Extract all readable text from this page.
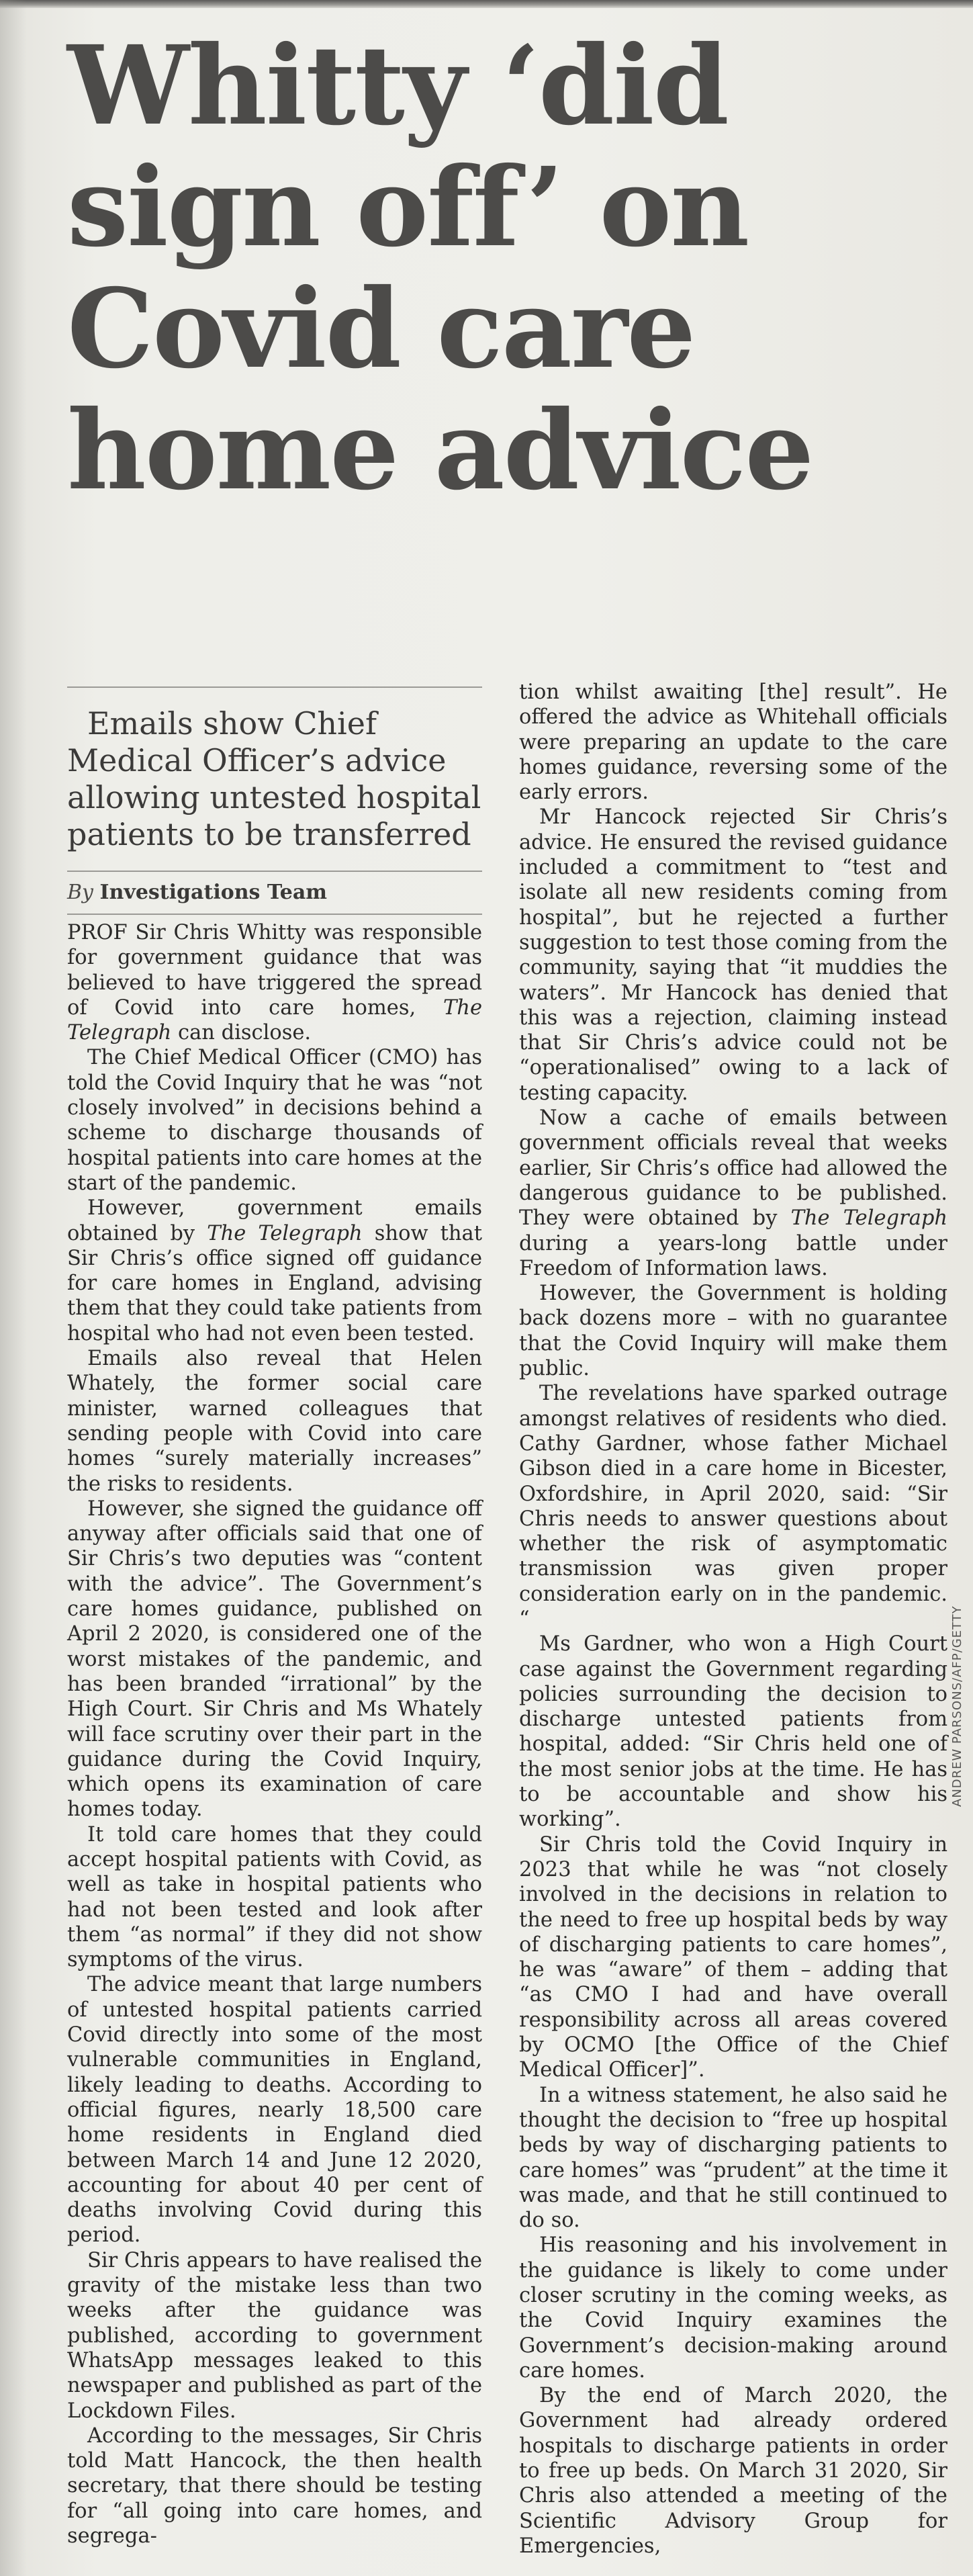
Whitty ‘did
sign off’ on
Covid care
home advice

Emails show Chief Medical Officer’s advice allowing untested hospital patients to be transferred

By Investigations Team

PROF Sir Chris Whitty was responsible for government guidance that was believed to have triggered the spread of Covid into care homes, The Telegraph can disclose.

The Chief Medical Officer (CMO) has told the Covid Inquiry that he was “not closely involved” in decisions behind a scheme to discharge thousands of hospital patients into care homes at the start of the pandemic.

However, government emails obtained by The Telegraph show that Sir Chris’s office signed off guidance for care homes in England, advising them that they could take patients from hospital who had not even been tested.

Emails also reveal that Helen Whately, the former social care minister, warned colleagues that sending people with Covid into care homes “surely materially increases” the risks to residents.

However, she signed the guidance off anyway after officials said that one of Sir Chris’s two deputies was “content with the advice”. The Government’s care homes guidance, published on April 2 2020, is considered one of the worst mistakes of the pandemic, and has been branded “irrational” by the High Court. Sir Chris and Ms Whately will face scrutiny over their part in the guidance during the Covid Inquiry, which opens its examination of care homes today.

It told care homes that they could accept hospital patients with Covid, as well as take in hospital patients who had not been tested and look after them “as normal” if they did not show symptoms of the virus.

The advice meant that large numbers of untested hospital patients carried Covid directly into some of the most vulnerable communities in England, likely leading to deaths. According to official figures, nearly 18,500 care home residents in England died between March 14 and June 12 2020, accounting for about 40 per cent of deaths involving Covid during this period.

Sir Chris appears to have realised the gravity of the mistake less than two weeks after the guidance was published, according to government WhatsApp messages leaked to this newspaper and published as part of the Lockdown Files.

According to the messages, Sir Chris told Matt Hancock, the then health secretary, that there should be testing for “all going into care homes, and segrega-

tion whilst awaiting [the] result”. He offered the advice as Whitehall officials were preparing an update to the care homes guidance, reversing some of the early errors.

Mr Hancock rejected Sir Chris’s advice. He ensured the revised guidance included a commitment to “test and isolate all new residents coming from hospital”, but he rejected a further suggestion to test those coming from the community, saying that “it muddies the waters”. Mr Hancock has denied that this was a rejection, claiming instead that Sir Chris’s advice could not be “operationalised” owing to a lack of testing capacity.

Now a cache of emails between government officials reveal that weeks earlier, Sir Chris’s office had allowed the dangerous guidance to be published. They were obtained by The Telegraph during a years-long battle under Freedom of Information laws.

However, the Government is holding back dozens more – with no guarantee that the Covid Inquiry will make them public.

The revelations have sparked outrage amongst relatives of residents who died. Cathy Gardner, whose father Michael Gibson died in a care home in Bicester, Oxfordshire, in April 2020, said: “Sir Chris needs to answer questions about whether the risk of asymptomatic transmission was given proper consideration early on in the pandemic. “

Ms Gardner, who won a High Court case against the Government regarding policies surrounding the decision to discharge untested patients from hospital, added: “Sir Chris held one of the most senior jobs at the time. He has to be accountable and show his working”.

Sir Chris told the Covid Inquiry in 2023 that while he was “not closely involved in the decisions in relation to the need to free up hospital beds by way of discharging patients to care homes”, he was “aware” of them – adding that “as CMO I had and have overall responsibility across all areas covered by OCMO [the Office of the Chief Medical Officer]”.

In a witness statement, he also said he thought the decision to “free up hospital beds by way of discharging patients to care homes” was “prudent” at the time it was made, and that he still continued to do so.

His reasoning and his involvement in the guidance is likely to come under closer scrutiny in the coming weeks, as the Covid Inquiry examines the Government’s decision-making around care homes.

By the end of March 2020, the Government had already ordered hospitals to discharge patients in order to free up beds. On March 31 2020, Sir Chris also attended a meeting of the Scientific Advisory Group for Emergencies,

ANDREW PARSONS/AFP/GETTY
